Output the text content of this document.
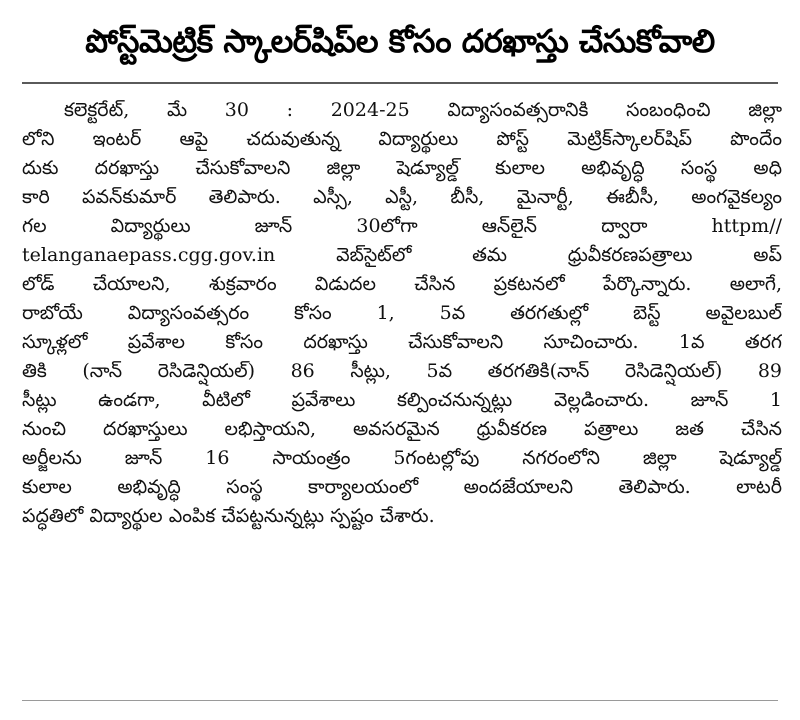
పోస్ట్‌మెట్రిక్ స్కాలర్‌షిప్‌ల కోసం దరఖాస్తు చేసుకోవాలి
కలెక్టరేట్, మే 30 : 2024-25 విద్యాసంవత్సరానికి సంబంధించి జిల్లా
లోని ఇంటర్ ఆపై చదువుతున్న విద్యార్థులు పోస్ట్ మెట్రిక్‌స్కాలర్‌షిప్ పొందేం
దుకు దరఖాస్తు చేసుకోవాలని జిల్లా షెడ్యూల్డ్ కులాల అభివృద్ధి సంస్థ అధి
కారి పవన్‌కుమార్ తెలిపారు. ఎస్సీ, ఎస్టీ, బీసీ, మైనార్టీ, ఈబీసీ, అంగవైకల్యం
గల విద్యార్థులు జూన్ 30లోగా ఆన్‌లైన్ ద్వారా httpm//
telanganaepass.cgg.gov.in వెబ్‌సైట్‌లో తమ ధ్రువీకరణపత్రాలు అప్
లోడ్ చేయాలని, శుక్రవారం విడుదల చేసిన ప్రకటనలో పేర్కొన్నారు. అలాగే,
రాబోయే విద్యాసంవత్సరం కోసం 1, 5వ తరగతుల్లో బెస్ట్ అవైలబుల్
స్కూళ్లలో ప్రవేశాల కోసం దరఖాస్తు చేసుకోవాలని సూచించారు. 1వ తరగ
తికి (నాన్ రెసిడెన్షియల్) 86 సీట్లు, 5వ తరగతికి(నాన్ రెసిడెన్షియల్) 89
సీట్లు ఉండగా, వీటిలో ప్రవేశాలు కల్పించనున్నట్లు వెల్లడించారు. జూన్ 1
నుంచి దరఖాస్తులు లభిస్తాయని, అవసరమైన ధ్రువీకరణ పత్రాలు జత చేసిన
అర్జీలను జూన్ 16 సాయంత్రం 5గంటల్లోపు నగరంలోని జిల్లా షెడ్యూల్డ్
కులాల అభివృద్ధి సంస్థ కార్యాలయంలో అందజేయాలని తెలిపారు. లాటరీ
పద్ధతిలో విద్యార్థుల ఎంపిక చేపట్టనున్నట్లు స్పష్టం చేశారు.
